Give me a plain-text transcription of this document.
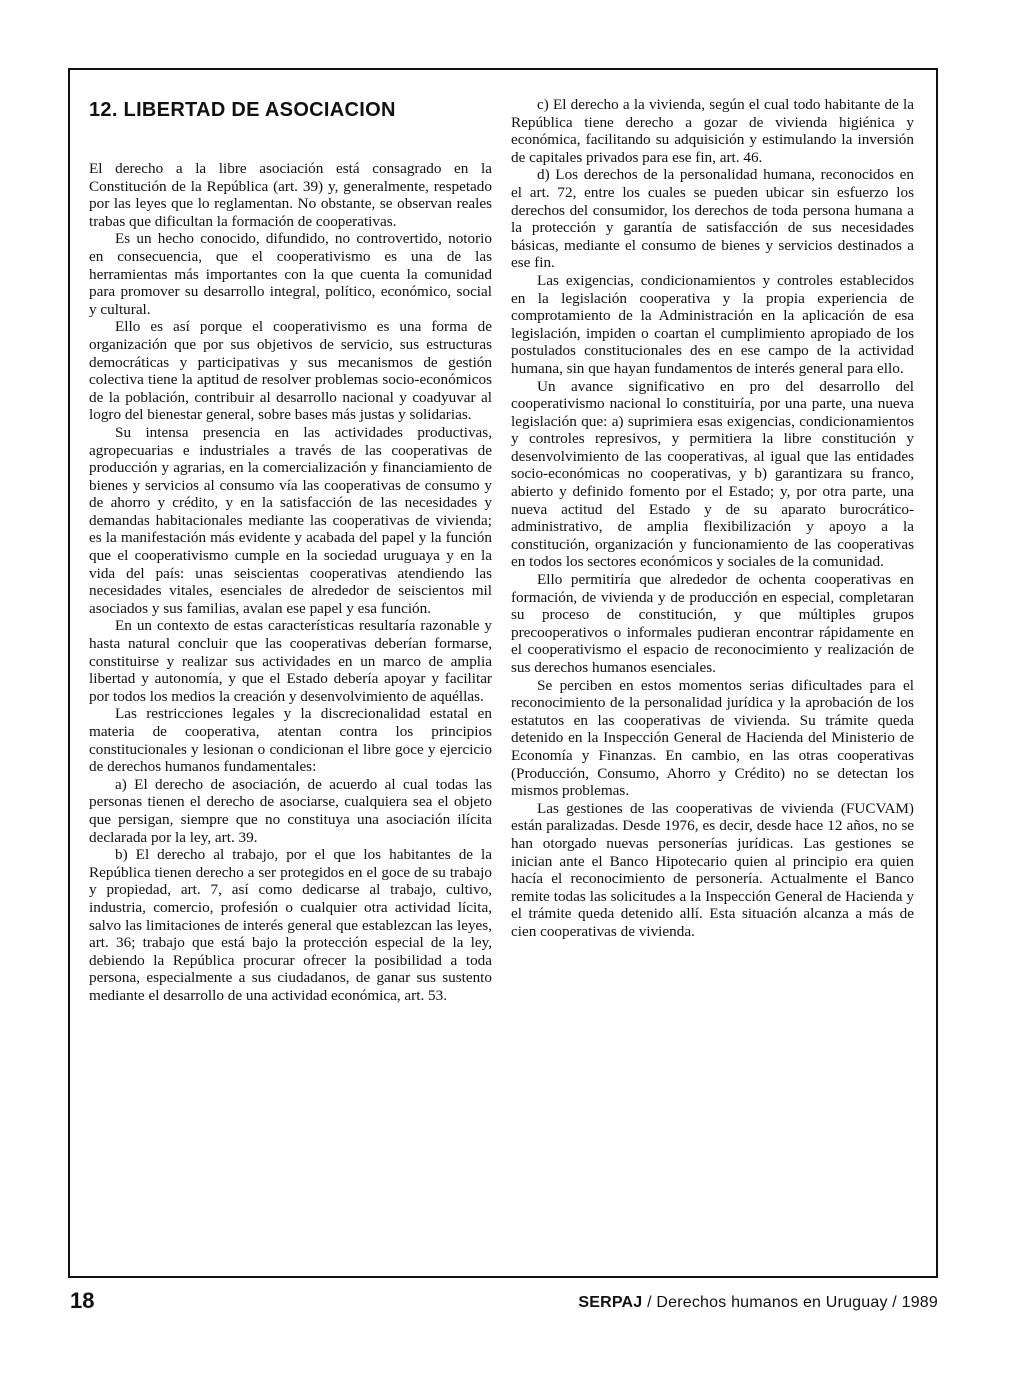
12. LIBERTAD DE ASOCIACION

El derecho a la libre asociación está consagrado en la Constitución de la República (art. 39) y, generalmente, respetado por las leyes que lo reglamentan. No obstante, se observan reales trabas que dificultan la formación de cooperativas.

Es un hecho conocido, difundido, no controvertido, notorio en consecuencia, que el cooperativismo es una de las herramientas más importantes con la que cuenta la comunidad para promover su desarrollo integral, político, económico, social y cultural.

Ello es así porque el cooperativismo es una forma de organización que por sus objetivos de servicio, sus estructuras democráticas y participativas y sus mecanismos de gestión colectiva tiene la aptitud de resolver problemas socio-económicos de la población, contribuir al desarrollo nacional y coadyuvar al logro del bienestar general, sobre bases más justas y solidarias.

Su intensa presencia en las actividades productivas, agropecuarias e industriales a través de las cooperativas de producción y agrarias, en la comercialización y financiamiento de bienes y servicios al consumo vía las cooperativas de consumo y de ahorro y crédito, y en la satisfacción de las necesidades y demandas habitacionales mediante las cooperativas de vivienda; es la manifestación más evidente y acabada del papel y la función que el cooperativismo cumple en la sociedad uruguaya y en la vida del país: unas seiscientas cooperativas atendiendo las necesidades vitales, esenciales de alrededor de seiscientos mil asociados y sus familias, avalan ese papel y esa función.

En un contexto de estas características resultaría razonable y hasta natural concluir que las cooperativas deberían formarse, constituirse y realizar sus actividades en un marco de amplia libertad y autonomía, y que el Estado debería apoyar y facilitar por todos los medios la creación y desenvolvimiento de aquéllas.

Las restricciones legales y la discrecionalidad estatal en materia de cooperativa, atentan contra los principios constitucionales y lesionan o condicionan el libre goce y ejercicio de derechos humanos fundamentales:

a) El derecho de asociación, de acuerdo al cual todas las personas tienen el derecho de asociarse, cualquiera sea el objeto que persigan, siempre que no constituya una asociación ilícita declarada por la ley, art. 39.

b) El derecho al trabajo, por el que los habitantes de la República tienen derecho a ser protegidos en el goce de su trabajo y propiedad, art. 7, así como dedicarse al trabajo, cultivo, industria, comercio, profesión o cualquier otra actividad lícita, salvo las limitaciones de interés general que establezcan las leyes, art. 36; trabajo que está bajo la protección especial de la ley, debiendo la República procurar ofrecer la posibilidad a toda persona, especialmente a sus ciudadanos, de ganar sus sustento mediante el desarrollo de una actividad económica, art. 53.

c) El derecho a la vivienda, según el cual todo habitante de la República tiene derecho a gozar de vivienda higiénica y económica, facilitando su adquisición y estimulando la inversión de capitales privados para ese fin, art. 46.

d) Los derechos de la personalidad humana, reconocidos en el art. 72, entre los cuales se pueden ubicar sin esfuerzo los derechos del consumidor, los derechos de toda persona humana a la protección y garantía de satisfacción de sus necesidades básicas, mediante el consumo de bienes y servicios destinados a ese fin.

Las exigencias, condicionamientos y controles establecidos en la legislación cooperativa y la propia experiencia de comprotamiento de la Administración en la aplicación de esa legislación, impiden o coartan el cumplimiento apropiado de los postulados constitucionales des en ese campo de la actividad humana, sin que hayan fundamentos de interés general para ello.

Un avance significativo en pro del desarrollo del cooperativismo nacional lo constituiría, por una parte, una nueva legislación que: a) suprimiera esas exigencias, condicionamientos y controles represivos, y permitiera la libre constitución y desenvolvimiento de las cooperativas, al igual que las entidades socio-económicas no cooperativas, y b) garantizara su franco, abierto y definido fomento por el Estado; y, por otra parte, una nueva actitud del Estado y de su aparato burocrático-administrativo, de amplia flexibilización y apoyo a la constitución, organización y funcionamiento de las cooperativas en todos los sectores económicos y sociales de la comunidad.

Ello permitiría que alrededor de ochenta cooperativas en formación, de vivienda y de producción en especial, completaran su proceso de constitución, y que múltiples grupos precooperativos o informales pudieran encontrar rápidamente en el cooperativismo el espacio de reconocimiento y realización de sus derechos humanos esenciales.

Se perciben en estos momentos serias dificultades para el reconocimiento de la personalidad jurídica y la aprobación de los estatutos en las cooperativas de vivienda. Su trámite queda detenido en la Inspección General de Hacienda del Ministerio de Economía y Finanzas. En cambio, en las otras cooperativas (Producción, Consumo, Ahorro y Crédito) no se detectan los mismos problemas.

Las gestiones de las cooperativas de vivienda (FUCVAM) están paralizadas. Desde 1976, es decir, desde hace 12 años, no se han otorgado nuevas personerías jurídicas. Las gestiones se inician ante el Banco Hipotecario quien al principio era quien hacía el reconocimiento de personería. Actualmente el Banco remite todas las solicitudes a la Inspección General de Hacienda y el trámite queda detenido allí. Esta situación alcanza a más de cien cooperativas de vivienda.

18	SERPAJ / Derechos humanos en Uruguay / 1989
